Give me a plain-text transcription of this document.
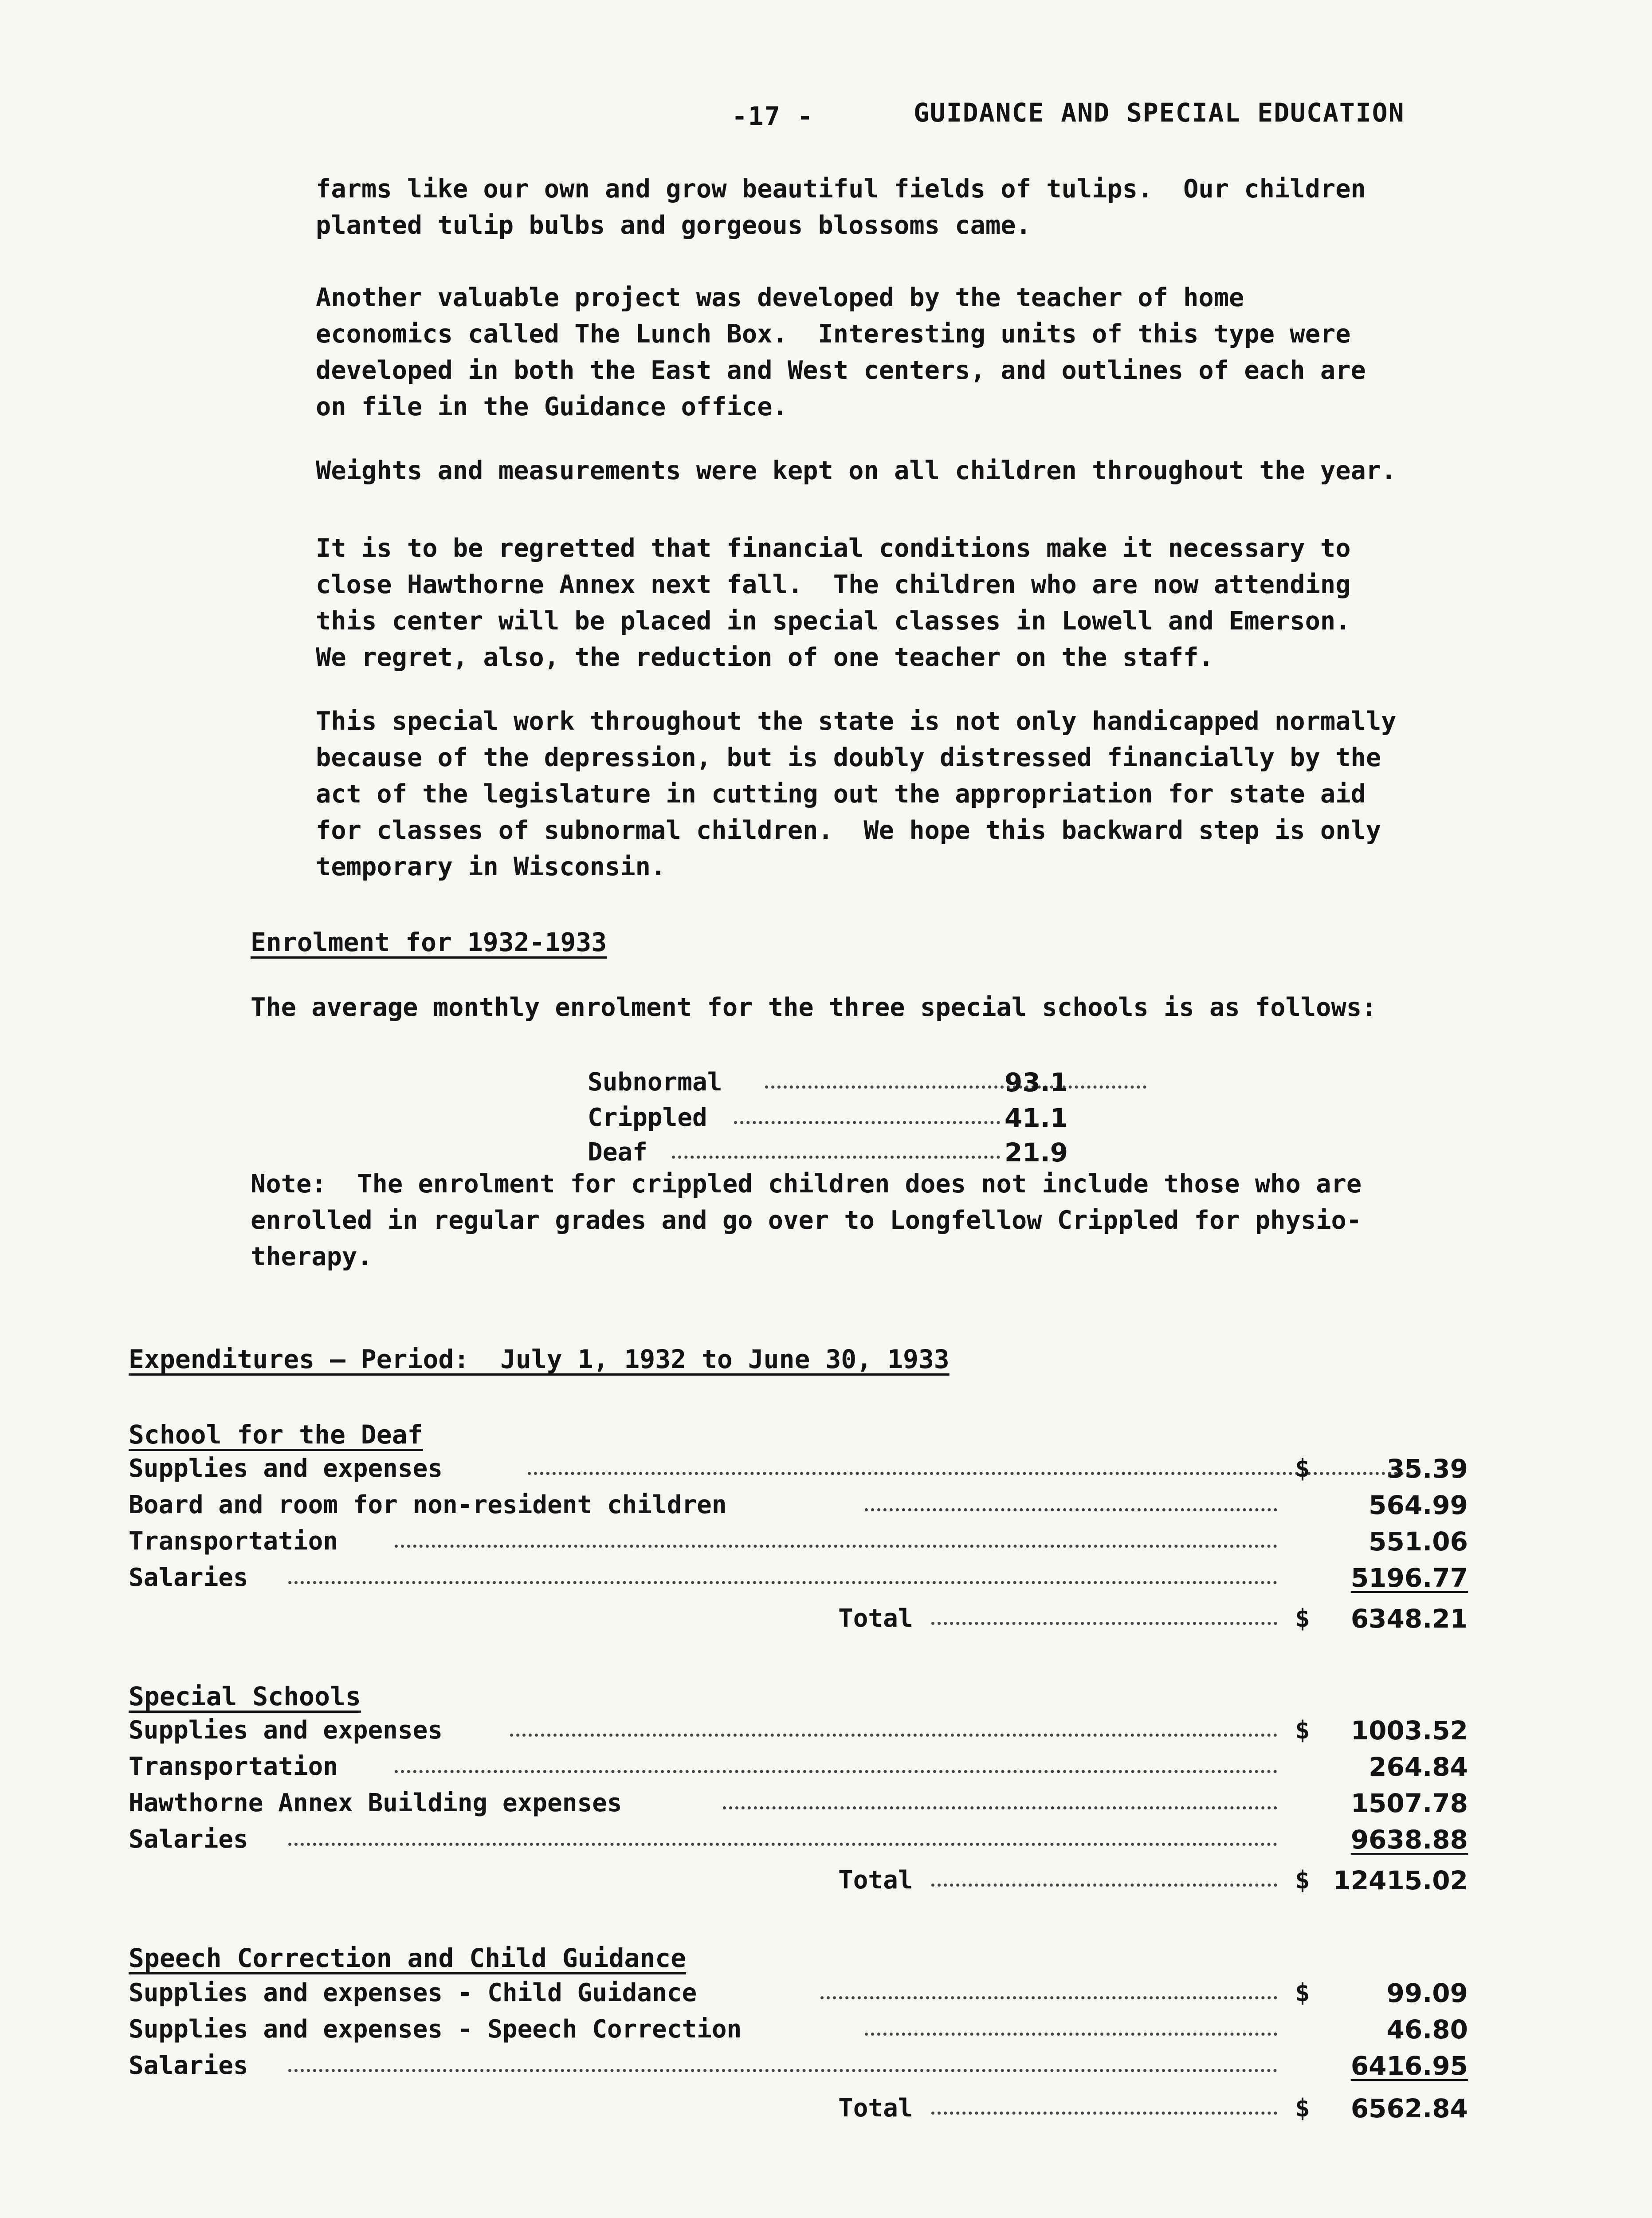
-17 -	GUIDANCE AND SPECIAL EDUCATION
farms like our own and grow beautiful fields of tulips.  Our children
planted tulip bulbs and gorgeous blossoms came.
Another valuable project was developed by the teacher of home
economics called The Lunch Box.  Interesting units of this type were
developed in both the East and West centers, and outlines of each are
on file in the Guidance office.
Weights and measurements were kept on all children throughout the year.
It is to be regretted that financial conditions make it necessary to
close Hawthorne Annex next fall.  The children who are now attending
this center will be placed in special classes in Lowell and Emerson.
We regret, also, the reduction of one teacher on the staff.
This special work throughout the state is not only handicapped normally
because of the depression, but is doubly distressed financially by the
act of the legislature in cutting out the appropriation for state aid
for classes of subnormal children.  We hope this backward step is only
temporary in Wisconsin.
Enrolment for 1932-1933
The average monthly enrolment for the three special schools is as follows:
Subnormal	93.1
Crippled	41.1
Deaf	21.9
Note:  The enrolment for crippled children does not include those who are
enrolled in regular grades and go over to Longfellow Crippled for physio-
therapy.
Expenditures — Period:  July 1, 1932 to June 30, 1933
School for the Deaf
Supplies and expenses	$	35.39
Board and room for non-resident children	564.99
Transportation	551.06
Salaries	5196.77
Total	$ 6348.21
Special Schools
Supplies and expenses	$ 1003.52
Transportation	264.84
Hawthorne Annex Building expenses	1507.78
Salaries	9638.88
Total	$ 12415.02
Speech Correction and Child Guidance
Supplies and expenses - Child Guidance	$	99.09
Supplies and expenses - Speech Correction	46.80
Salaries	6416.95
Total	$ 6562.84
